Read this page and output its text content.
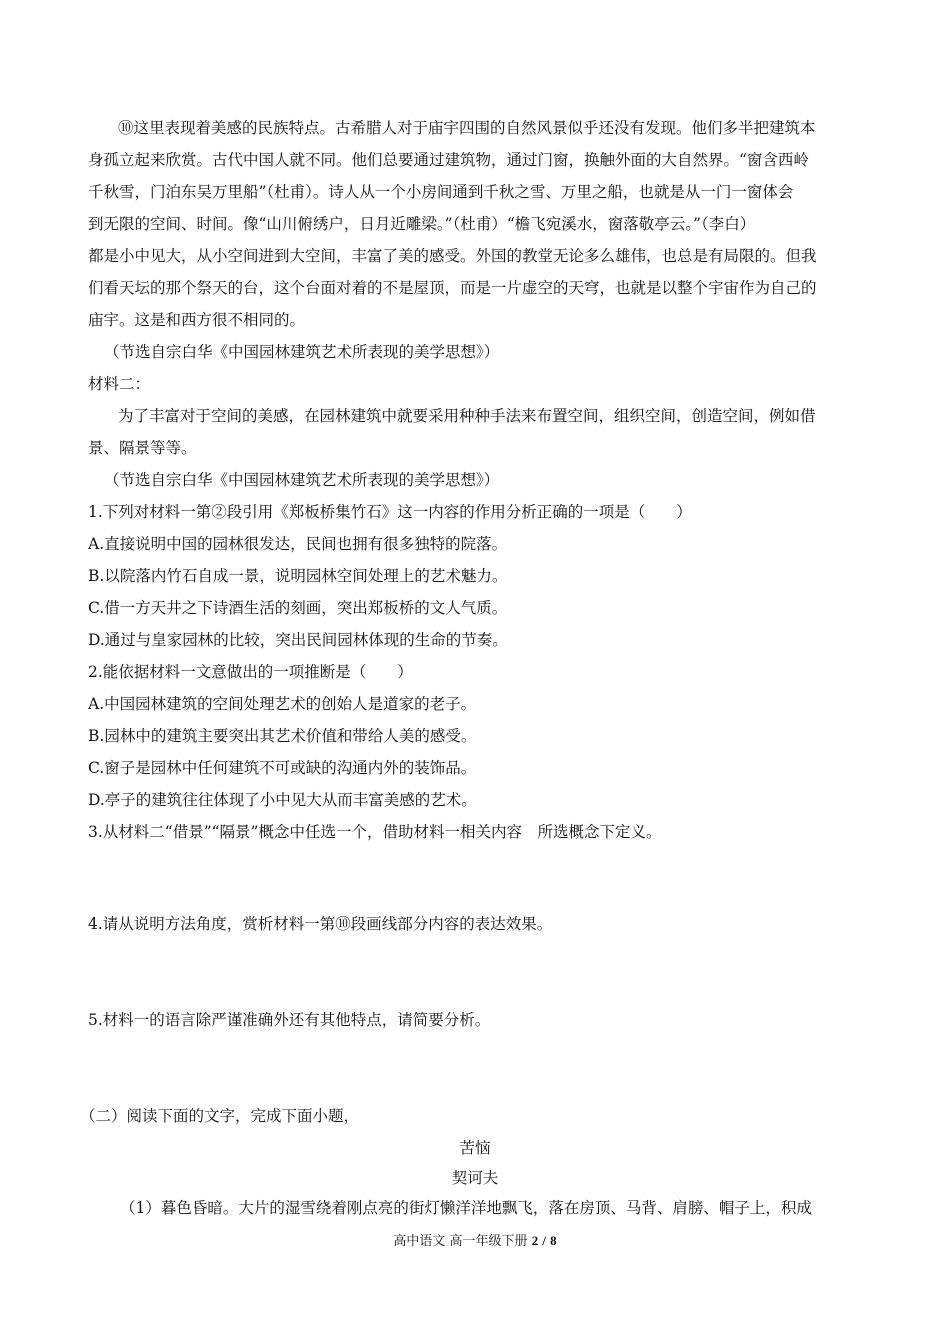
⑩这里表现着美感的民族特点。古希腊人对于庙宇四围的自然风景似乎还没有发现。他们多半把建筑本
身孤立起来欣赏。古代中国人就不同。他们总要通过建筑物，通过门窗，换触外面的大自然界。“窗含西岭
千秋雪，门泊东吴万里船”（杜甫）。诗人从一个小房间通到千秋之雪、万里之船，也就是从一门一窗体会
到无限的空间、时间。像“山川俯绣户，日月近雕梁。”（杜甫）“檐飞宛溪水，窗落敬亭云。”（李白）
都是小中见大，从小空间进到大空间，丰富了美的感受。外国的教堂无论多么雄伟，也总是有局限的。但我
们看天坛的那个祭天的台，这个台面对着的不是屋顶，而是一片虚空的天穹，也就是以整个宇宙作为自己的
庙宇。这是和西方很不相同的。
（节选自宗白华《中国园林建筑艺术所表现的美学思想》）
材料二：
为了丰富对于空间的美感，在园林建筑中就要采用种种手法来布置空间，组织空间，创造空间，例如借
景、隔景等等。
（节选自宗白华《中国园林建筑艺术所表现的美学思想》）
1.下列对材料一第②段引用《郑板桥集竹石》这一内容的作用分析正确的一项是（　　）
A.直接说明中国的园林很发达，民间也拥有很多独特的院落。
B.以院落内竹石自成一景，说明园林空间处理上的艺术魅力。
C.借一方天井之下诗酒生活的刻画，突出郑板桥的文人气质。
D.通过与皇家园林的比较，突出民间园林体现的生命的节奏。
2.能依据材料一文意做出的一项推断是（　　）
A.中国园林建筑的空间处理艺术的创始人是道家的老子。
B.园林中的建筑主要突出其艺术价值和带给人美的感受。
C.窗子是园林中任何建筑不可或缺的沟通内外的装饰品。
D.亭子的建筑往往体现了小中见大从而丰富美感的艺术。
3.从材料二“借景”“隔景”概念中任选一个，借助材料一相关内容　所选概念下定义。
4.请从说明方法角度，赏析材料一第⑩段画线部分内容的表达效果。
5.材料一的语言除严谨准确外还有其他特点，请简要分析。
（二）阅读下面的文字，完成下面小题，
苦恼
契诃夫
（1）暮色昏暗。大片的湿雪绕着刚点亮的街灯懒洋洋地飘飞，落在房顶、马背、肩膀、帽子上，积成
高中语文 高一年级下册 2 / 8
